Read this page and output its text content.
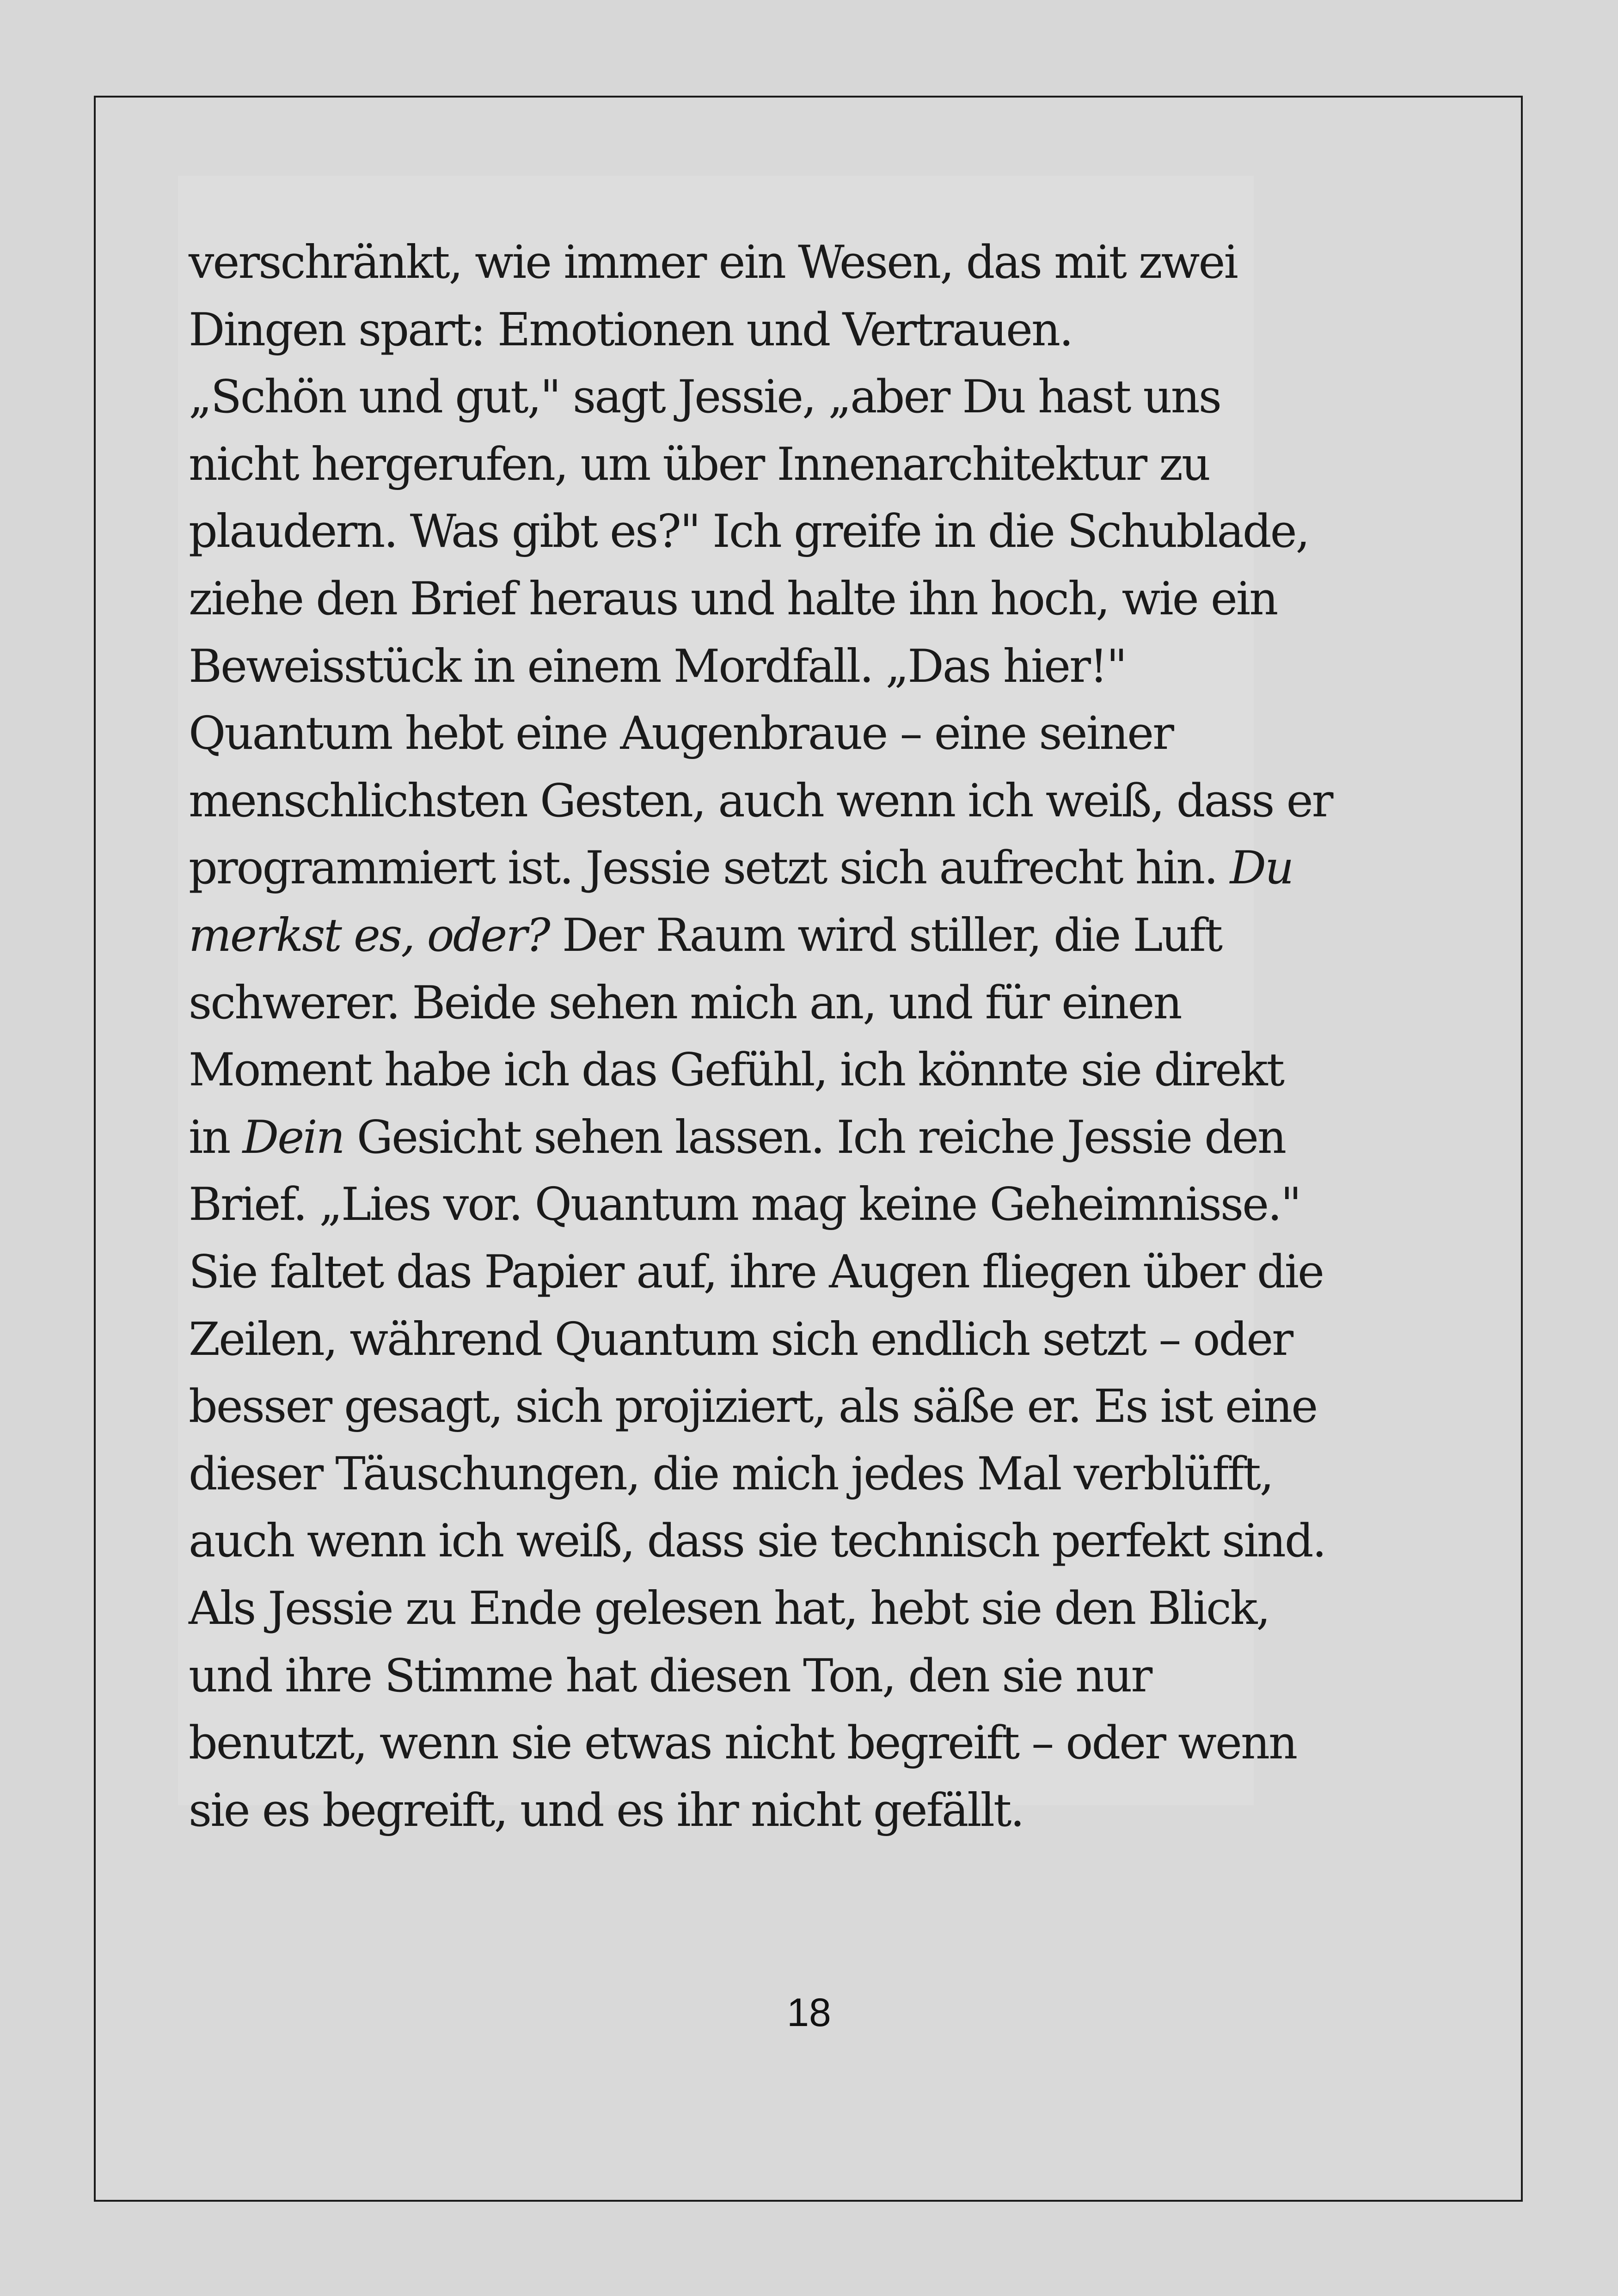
verschränkt, wie immer ein Wesen, das mit zwei
Dingen spart: Emotionen und Vertrauen.
„Schön und gut," sagt Jessie, „aber Du hast uns
nicht hergerufen, um über Innenarchitektur zu
plaudern. Was gibt es?" Ich greife in die Schublade,
ziehe den Brief heraus und halte ihn hoch, wie ein
Beweisstück in einem Mordfall. „Das hier!"
Quantum hebt eine Augenbraue – eine seiner
menschlichsten Gesten, auch wenn ich weiß, dass er
programmiert ist. Jessie setzt sich aufrecht hin. Du
merkst es, oder? Der Raum wird stiller, die Luft
schwerer. Beide sehen mich an, und für einen
Moment habe ich das Gefühl, ich könnte sie direkt
in Dein Gesicht sehen lassen. Ich reiche Jessie den
Brief. „Lies vor. Quantum mag keine Geheimnisse."
Sie faltet das Papier auf, ihre Augen fliegen über die
Zeilen, während Quantum sich endlich setzt – oder
besser gesagt, sich projiziert, als säße er. Es ist eine
dieser Täuschungen, die mich jedes Mal verblüfft,
auch wenn ich weiß, dass sie technisch perfekt sind.
Als Jessie zu Ende gelesen hat, hebt sie den Blick,
und ihre Stimme hat diesen Ton, den sie nur
benutzt, wenn sie etwas nicht begreift – oder wenn
sie es begreift, und es ihr nicht gefällt.
18
